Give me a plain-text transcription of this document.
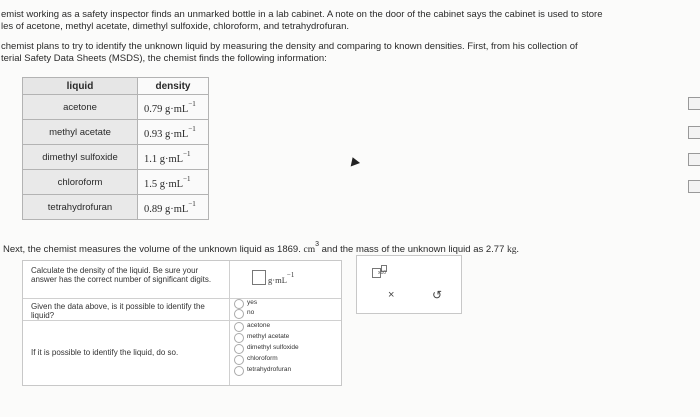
emist working as a safety inspector finds an unmarked bottle in a lab cabinet. A note on the door of the cabinet says the cabinet is used to store
les of acetone, methyl acetate, dimethyl sulfoxide, chloroform, and tetrahydrofuran.
chemist plans to try to identify the unknown liquid by measuring the density and comparing to known densities. First, from his collection of
terial Safety Data Sheets (MSDS), the chemist finds the following information:
liquid	density
acetone	0.79 $g\cdot mL^{-1}$
methyl acetate	0.93 $g\cdot mL^{-1}$
dimethyl sulfoxide	1.1 $g\cdot mL^{-1}$
chloroform	1.5 $g\cdot mL^{-1}$
tetrahydrofuran	0.89 $g\cdot mL^{-1}$
Next, the chemist measures the volume of the unknown liquid as 1869. $cm^3$ and the mass of the unknown liquid as 2.77 kg.
Calculate the density of the liquid. Be sure your answer has the correct number of significant digits.	$g\cdot mL^{-1}$
Given the data above, is it possible to identify the liquid?
yes
no
If it is possible to identify the liquid, do so.
acetone
methyl acetate
dimethyl sulfoxide
chloroform
tetrahydrofuran
x10
×	↺
